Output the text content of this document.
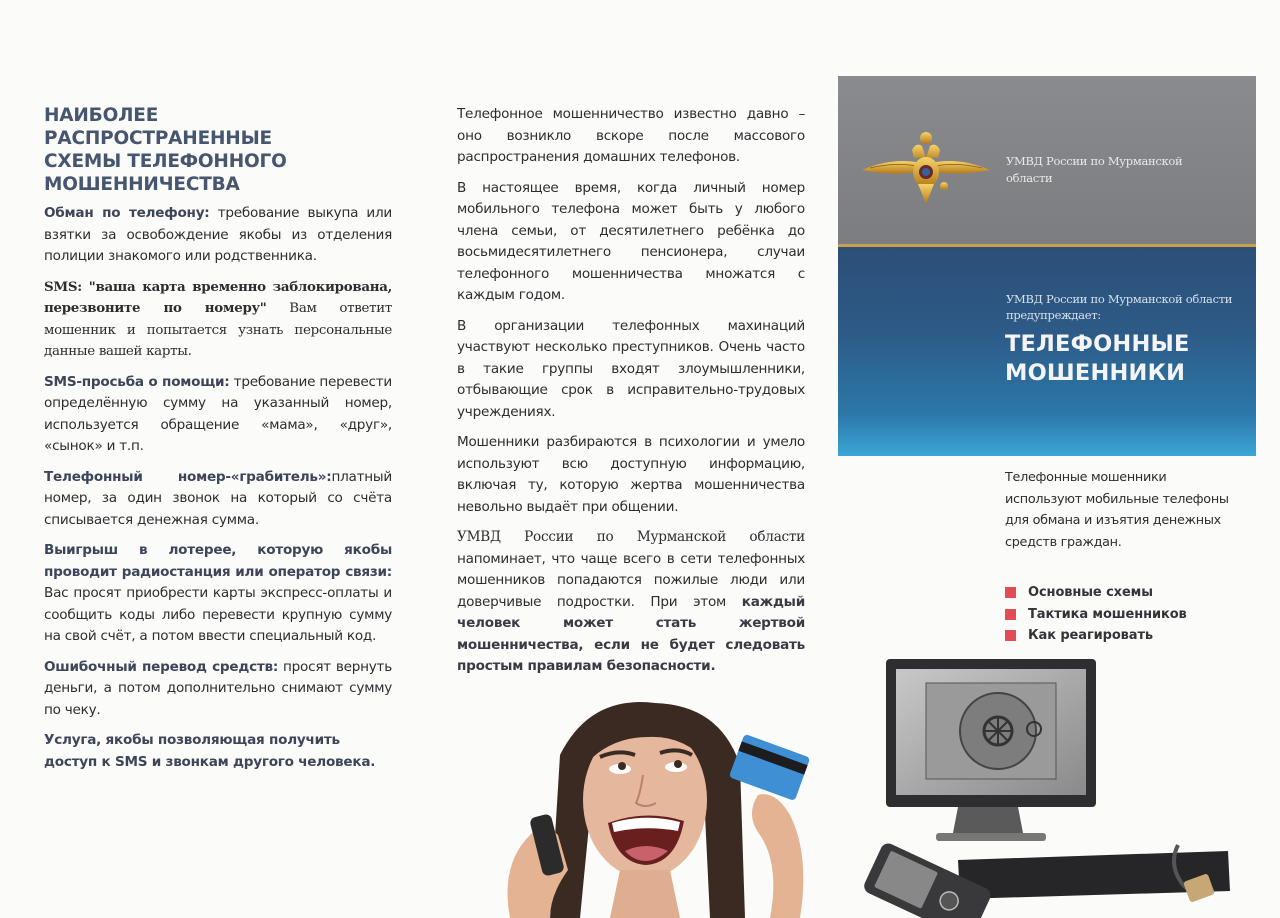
НАИБОЛЕЕ
РАСПРОСТРАНЕННЫЕ
СХЕМЫ ТЕЛЕФОННОГО
МОШЕННИЧЕСТВА

Обман по телефону: требование выкупа или взятки за освобождение якобы из отделения полиции знакомого или родственника.

SMS: "ваша карта временно заблокирована, перезвоните по номеру" Вам ответит мошенник и попытается узнать персональные данные вашей карты.

SMS-просьба о помощи: требование перевести определённую сумму на указанный номер, используется обращение «мама», «друг», «сынок» и т.п.

Телефонный номер-«грабитель»:платный номер, за один звонок на который со счёта списывается денежная сумма.

Выигрыш в лотерее, которую якобы проводит радиостанция или оператор связи: Вас просят приобрести карты экспресс-оплаты и сообщить коды либо перевести крупную сумму на свой счёт, а потом ввести специальный код.

Ошибочный перевод средств: просят вернуть деньги, а потом дополнительно снимают сумму по чеку.

Услуга, якобы позволяющая получить доступ к SMS и звонкам другого человека.

Телефонное мошенничество известно давно – оно возникло вскоре после массового распространения домашних телефонов.

В настоящее время, когда личный номер мобильного телефона может быть у любого члена семьи, от десятилетнего ребёнка до восьмидесятилетнего пенсионера, случаи телефонного мошенничества множатся с каждым годом.

В организации телефонных махинаций участвуют несколько преступников. Очень часто в такие группы входят злоумышленники, отбывающие срок в исправительно-трудовых учреждениях.

Мошенники разбираются в психологии и умело используют всю доступную информацию, включая ту, которую жертва мошенничества невольно выдаёт при общении.

УМВД России по Мурманской области напоминает, что чаще всего в сети телефонных мошенников попадаются пожилые люди или доверчивые подростки. При этом каждый человек может стать жертвой мошенничества, если не будет следовать простым правилам безопасности.

УМВД России по Мурманской области
УМВД России по Мурманской области предупреждает:
ТЕЛЕФОННЫЕ
МОШЕННИКИ
Телефонные мошенники используют мобильные телефоны для обмана и изъятия денежных средств граждан.
Основные схемы
Тактика мошенников
Как реагировать
